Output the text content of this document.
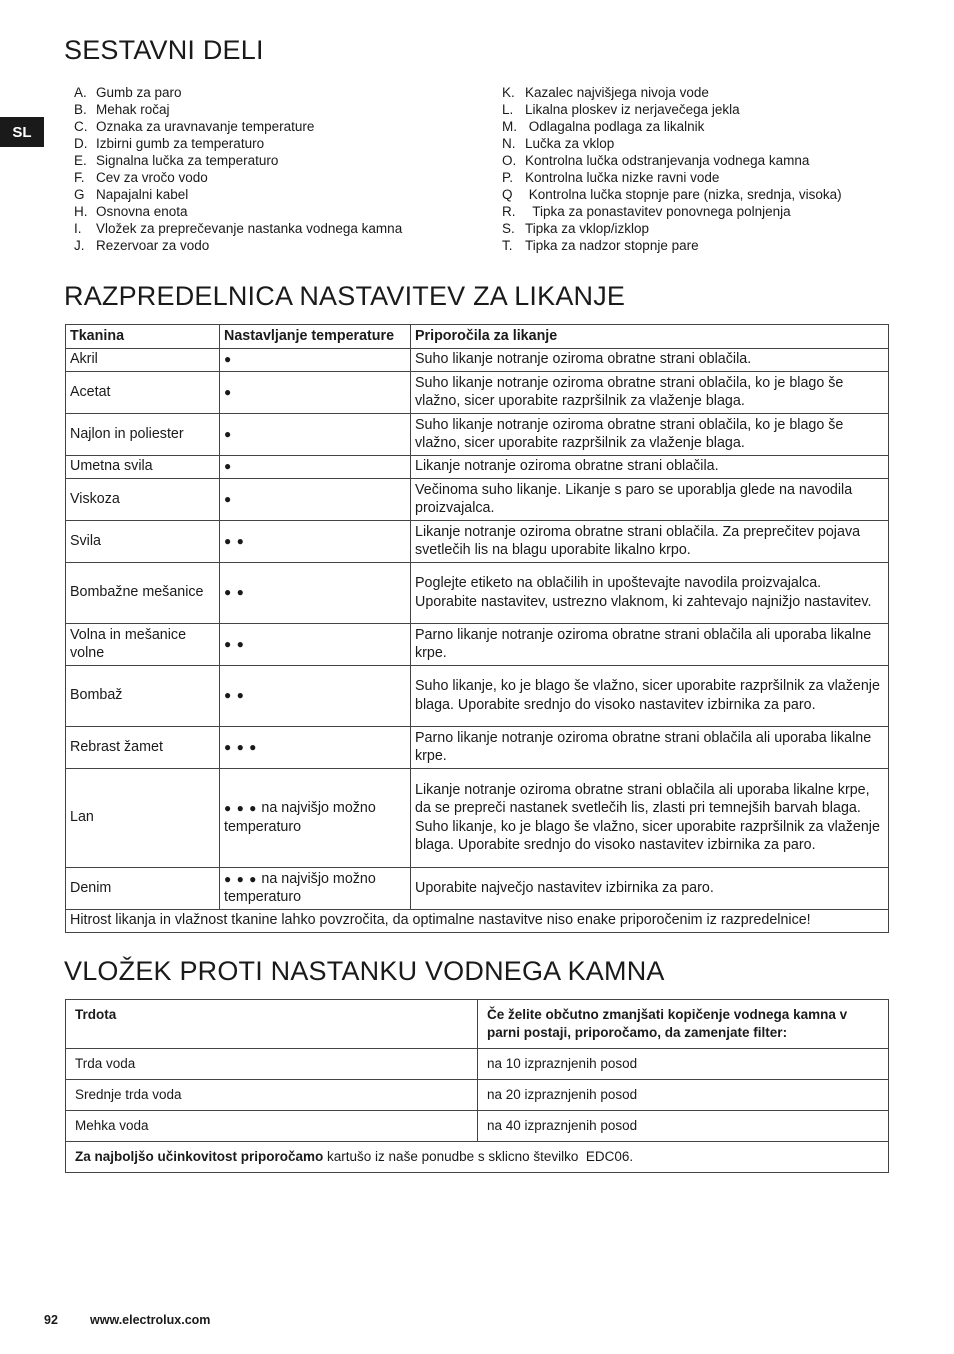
SL
SESTAVNI DELI
A. Gumb za paro
B. Mehak ročaj
C. Oznaka za uravnavanje temperature
D. Izbirni gumb za temperaturo
E. Signalna lučka za temperaturo
F. Cev za vročo vodo
G Napajalni kabel
H. Osnovna enota
I.	Vložek za preprečevanje nastanka vodnega kamna
J. Rezervoar za vodo
K. Kazalec najvišjega nivoja vode
L. Likalna ploskev iz nerjavečega jekla
M. Odlagalna podlaga za likalnik
N. Lučka za vklop
O. Kontrolna lučka odstranjevanja vodnega kamna
P. Kontrolna lučka nizke ravni vode
Q Kontrolna lučka stopnje pare (nizka, srednja, visoka)
R. Tipka za ponastavitev ponovnega polnjenja
S. Tipka za vklop/izklop
T. Tipka za nadzor stopnje pare
RAZPREDELNICA NASTAVITEV ZA LIKANJE
Tkanina	Nastavljanje temperature	Priporočila za likanje
Akril	●	Suho likanje notranje oziroma obratne strani oblačila.
Acetat	●	Suho likanje notranje oziroma obratne strani oblačila, ko je blago še vlažno, sicer uporabite razpršilnik za vlaženje blaga.
Najlon in poliester	●	Suho likanje notranje oziroma obratne strani oblačila, ko je blago še vlažno, sicer uporabite razpršilnik za vlaženje blaga.
Umetna svila	●	Likanje notranje oziroma obratne strani oblačila.
Viskoza	●	Večinoma suho likanje. Likanje s paro se uporablja glede na navodila proizvajalca.
Svila	● ●	Likanje notranje oziroma obratne strani oblačila. Za preprečitev pojava svetlečih lis na blagu uporabite likalno krpo.
Bombažne mešanice	● ●	Poglejte etiketo na oblačilih in upoštevajte navodila proizvajalca. Uporabite nastavitev, ustrezno vlaknom, ki zahtevajo najnižjo nastavitev.
Volna in mešanice volne	● ●	Parno likanje notranje oziroma obratne strani oblačila ali uporaba likalne krpe.
Bombaž	● ●	Suho likanje, ko je blago še vlažno, sicer uporabite razpršilnik za vlaženje blaga. Uporabite srednjo do visoko nastavitev izbirnika za paro.
Rebrast žamet	● ● ●	Parno likanje notranje oziroma obratne strani oblačila ali uporaba likalne krpe.
Lan	● ● ● na najvišjo možno temperaturo	Likanje notranje oziroma obratne strani oblačila ali uporaba likalne krpe, da se prepreči nastanek svetlečih lis, zlasti pri temnejših barvah blaga. Suho likanje, ko je blago še vlažno, sicer uporabite razpršilnik za vlaženje blaga. Uporabite srednjo do visoko nastavitev izbirnika za paro.
Denim	● ● ● na najvišjo možno temperaturo	Uporabite največjo nastavitev izbirnika za paro.
Hitrost likanja in vlažnost tkanine lahko povzročita, da optimalne nastavitve niso enake priporočenim iz razpredelnice!		
VLOŽEK PROTI NASTANKU VODNEGA KAMNA
Trdota	Če želite občutno zmanjšati kopičenje vodnega kamna v parni postaji, priporočamo, da zamenjate filter:
Trda voda	na 10 izpraznjenih posod
Srednje trda voda	na 20 izpraznjenih posod
Mehka voda	na 40 izpraznjenih posod
Za najboljšo učinkovitost priporočamo kartušo iz naše ponudbe s sklicno številko  EDC06.	
92	www.electrolux.com
